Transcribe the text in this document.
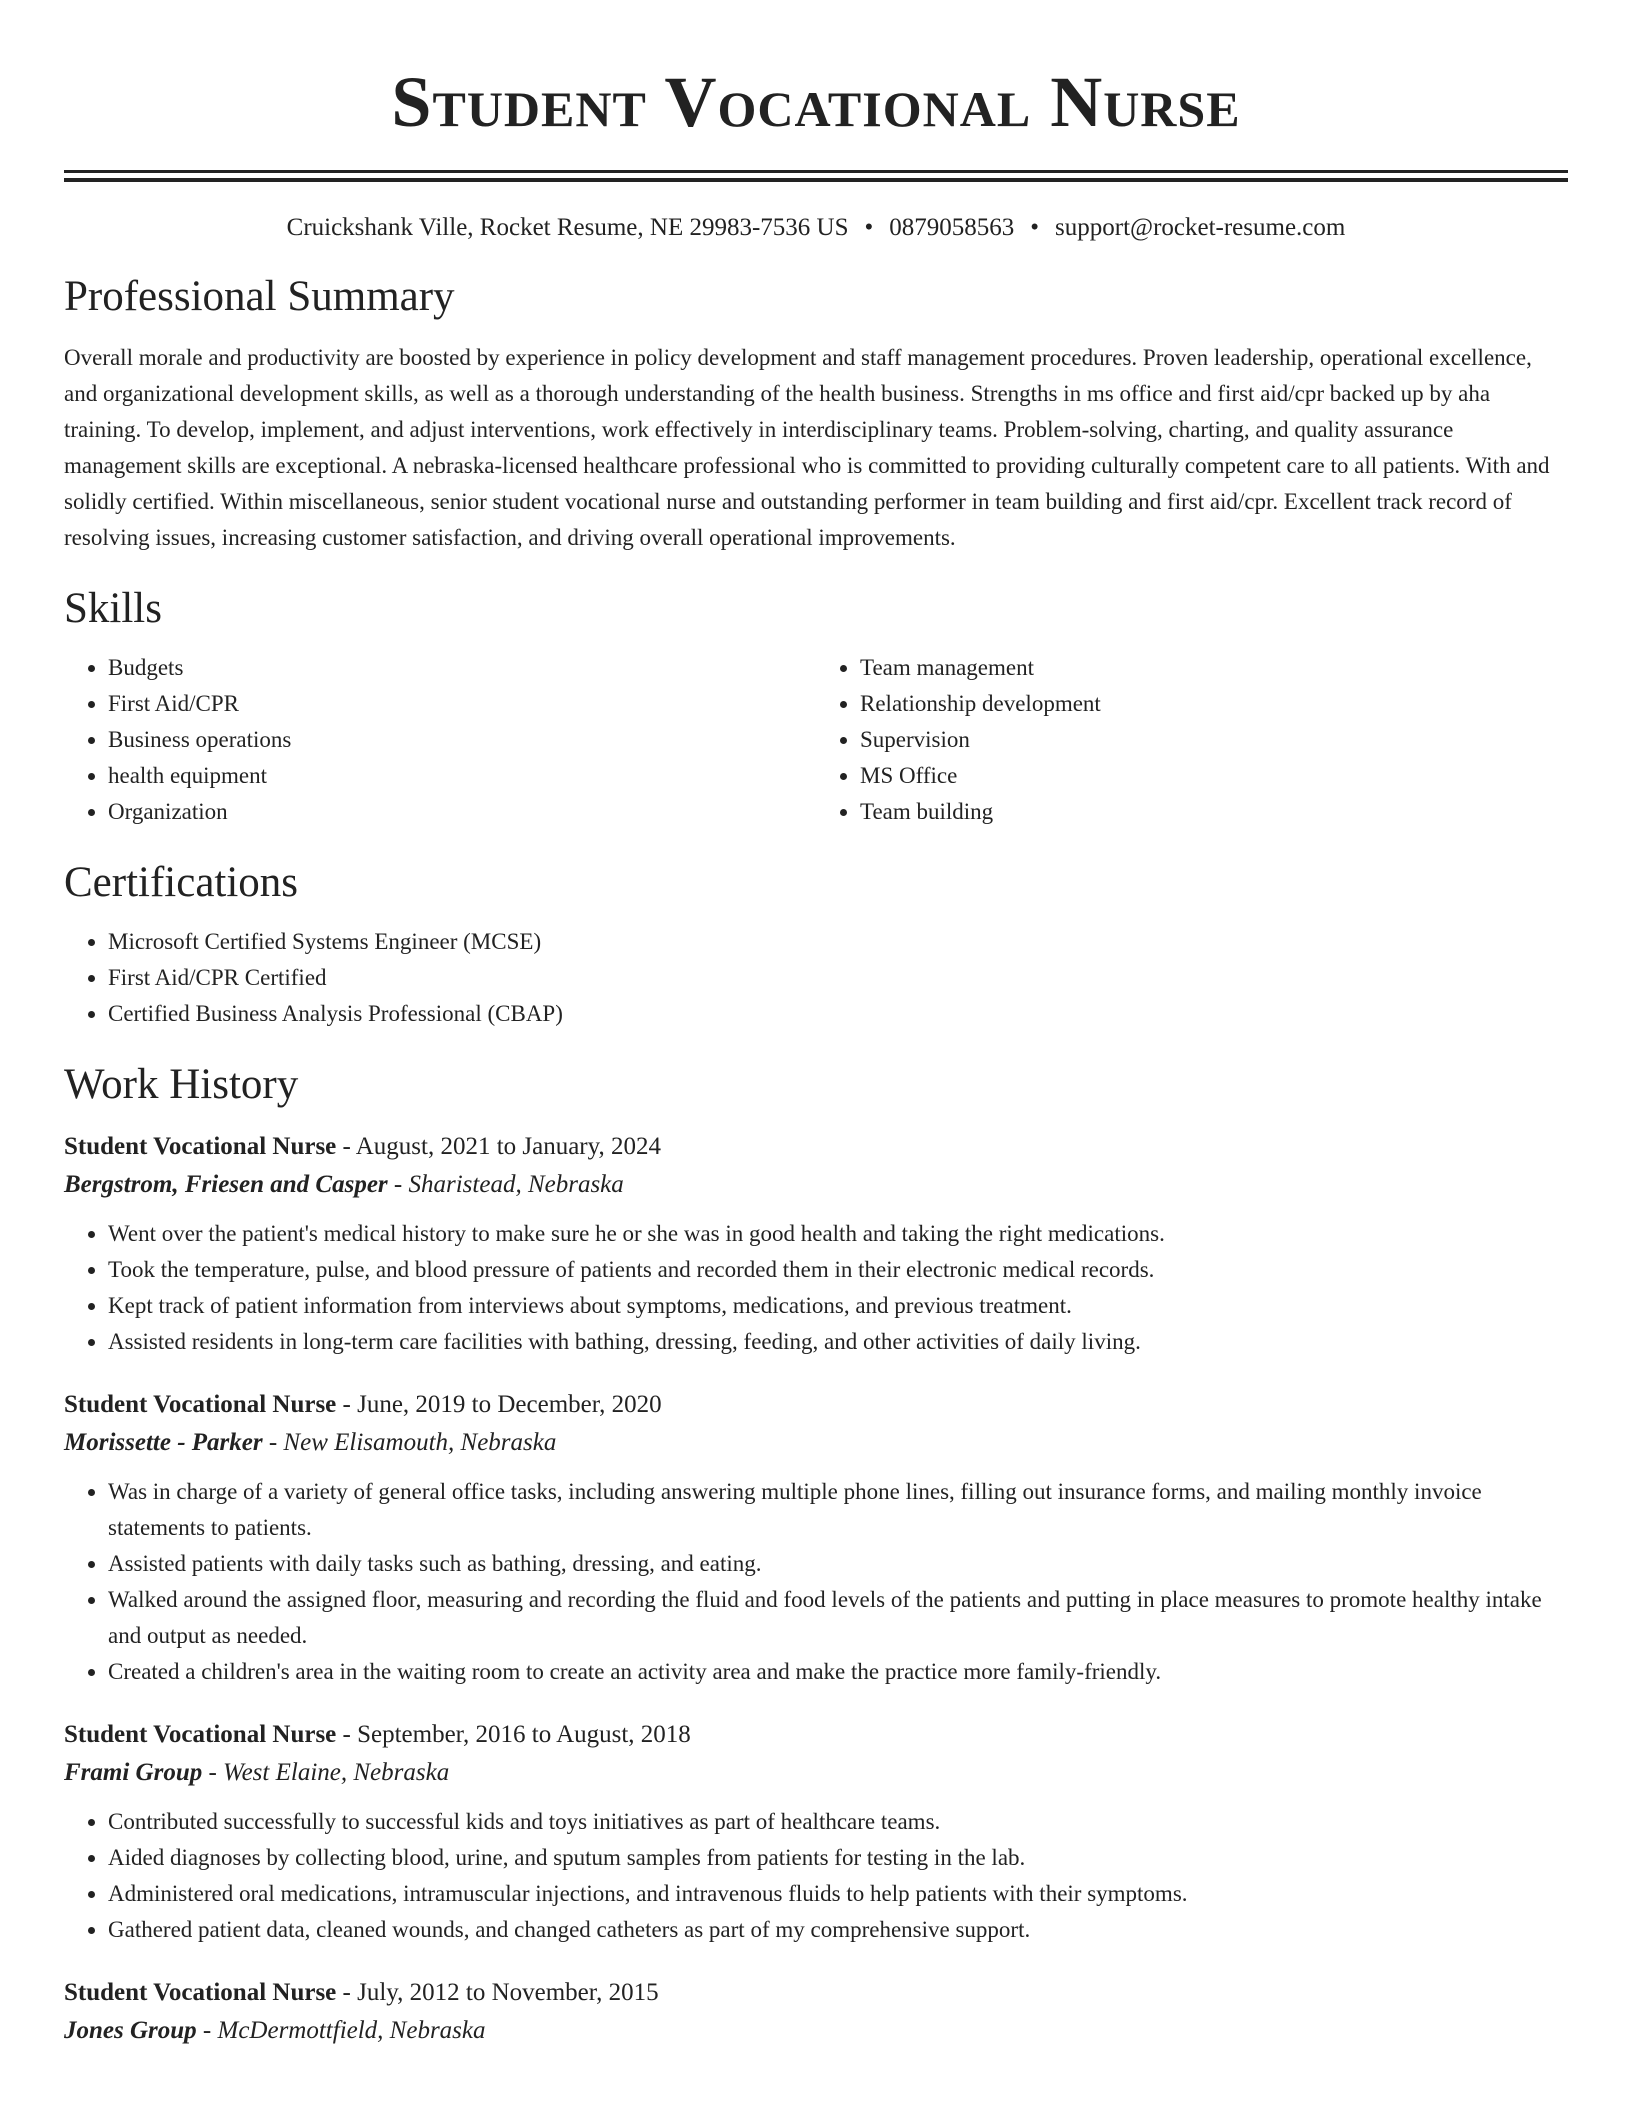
Student Vocational Nurse
Cruickshank Ville, Rocket Resume, NE 29983-7536 US • 0879058563 • support@rocket-resume.com
Professional Summary

Overall morale and productivity are boosted by experience in policy development and staff management procedures. Proven leadership, operational excellence, and organizational development skills, as well as a thorough understanding of the health business. Strengths in ms office and first aid/cpr backed up by aha training. To develop, implement, and adjust interventions, work effectively in interdisciplinary teams. Problem-solving, charting, and quality assurance management skills are exceptional. A nebraska-licensed healthcare professional who is committed to providing culturally competent care to all patients. With and solidly certified. Within miscellaneous, senior student vocational nurse and outstanding performer in team building and first aid/cpr. Excellent track record of resolving issues, increasing customer satisfaction, and driving overall operational improvements.

Skills
• Budgets
• First Aid/CPR
• Business operations
• health equipment
• Organization
• Team management
• Relationship development
• Supervision
• MS Office
• Team building
Certifications
• Microsoft Certified Systems Engineer (MCSE)
• First Aid/CPR Certified
• Certified Business Analysis Professional (CBAP)
Work History
Student Vocational Nurse - August, 2021 to January, 2024
Bergstrom, Friesen and Casper - Sharistead, Nebraska
• Went over the patient's medical history to make sure he or she was in good health and taking the right medications.
• Took the temperature, pulse, and blood pressure of patients and recorded them in their electronic medical records.
• Kept track of patient information from interviews about symptoms, medications, and previous treatment.
• Assisted residents in long-term care facilities with bathing, dressing, feeding, and other activities of daily living.
Student Vocational Nurse - June, 2019 to December, 2020
Morissette - Parker - New Elisamouth, Nebraska
• Was in charge of a variety of general office tasks, including answering multiple phone lines, filling out insurance forms, and mailing monthly invoice statements to patients.
• Assisted patients with daily tasks such as bathing, dressing, and eating.
• Walked around the assigned floor, measuring and recording the fluid and food levels of the patients and putting in place measures to promote healthy intake and output as needed.
• Created a children's area in the waiting room to create an activity area and make the practice more family-friendly.
Student Vocational Nurse - September, 2016 to August, 2018
Frami Group - West Elaine, Nebraska
• Contributed successfully to successful kids and toys initiatives as part of healthcare teams.
• Aided diagnoses by collecting blood, urine, and sputum samples from patients for testing in the lab.
• Administered oral medications, intramuscular injections, and intravenous fluids to help patients with their symptoms.
• Gathered patient data, cleaned wounds, and changed catheters as part of my comprehensive support.
Student Vocational Nurse - July, 2012 to November, 2015
Jones Group - McDermottfield, Nebraska
